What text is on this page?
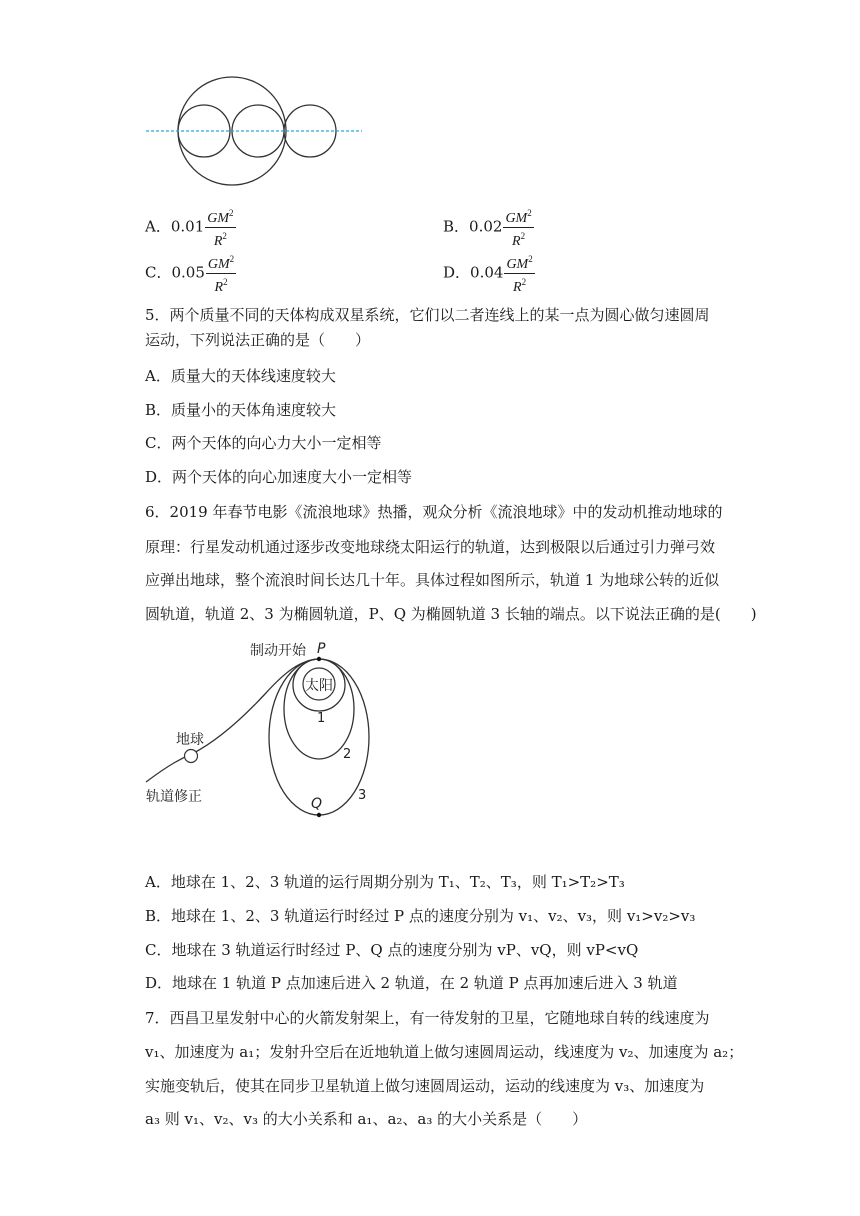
A．$0.01 \frac{GM^2}{R^2}$	B．$0.02 \frac{GM^2}{R^2}$
C．$0.05 \frac{GM^2}{R^2}$	D．$0.04 \frac{GM^2}{R^2}$
5．两个质量不同的天体构成双星系统，它们以二者连线上的某一点为圆心做匀速圆周
运动，下列说法正确的是（　　）
A．质量大的天体线速度较大
B．质量小的天体角速度较大
C．两个天体的向心力大小一定相等
D．两个天体的向心加速度大小一定相等
6．2019 年春节电影《流浪地球》热播，观众分析《流浪地球》中的发动机推动地球的
原理：行星发动机通过逐步改变地球绕太阳运行的轨道，达到极限以后通过引力弹弓效
应弹出地球，整个流浪时间长达几十年。具体过程如图所示，轨道 1 为地球公转的近似
圆轨道，轨道 2、3 为椭圆轨道，P、Q 为椭圆轨道 3 长轴的端点。以下说法正确的是(　　)
太阳
制动开始 P
1
2
3
地球
轨道修正	Q
A．地球在 1、2、3 轨道的运行周期分别为 T₁、T₂、T₃，则 T₁>T₂>T₃
B．地球在 1、2、3 轨道运行时经过 P 点的速度分别为 v₁、v₂、v₃，则 v₁>v₂>v₃
C．地球在 3 轨道运行时经过 P、Q 点的速度分别为 vP、vQ，则 vP<vQ
D．地球在 1 轨道 P 点加速后进入 2 轨道，在 2 轨道 P 点再加速后进入 3 轨道
7．西昌卫星发射中心的火箭发射架上，有一待发射的卫星，它随地球自转的线速度为
v₁、加速度为 a₁；发射升空后在近地轨道上做匀速圆周运动，线速度为 v₂、加速度为 a₂；
实施变轨后，使其在同步卫星轨道上做匀速圆周运动，运动的线速度为 v₃、加速度为
a₃ 则 v₁、v₂、v₃ 的大小关系和 a₁、a₂、a₃ 的大小关系是（　　）
